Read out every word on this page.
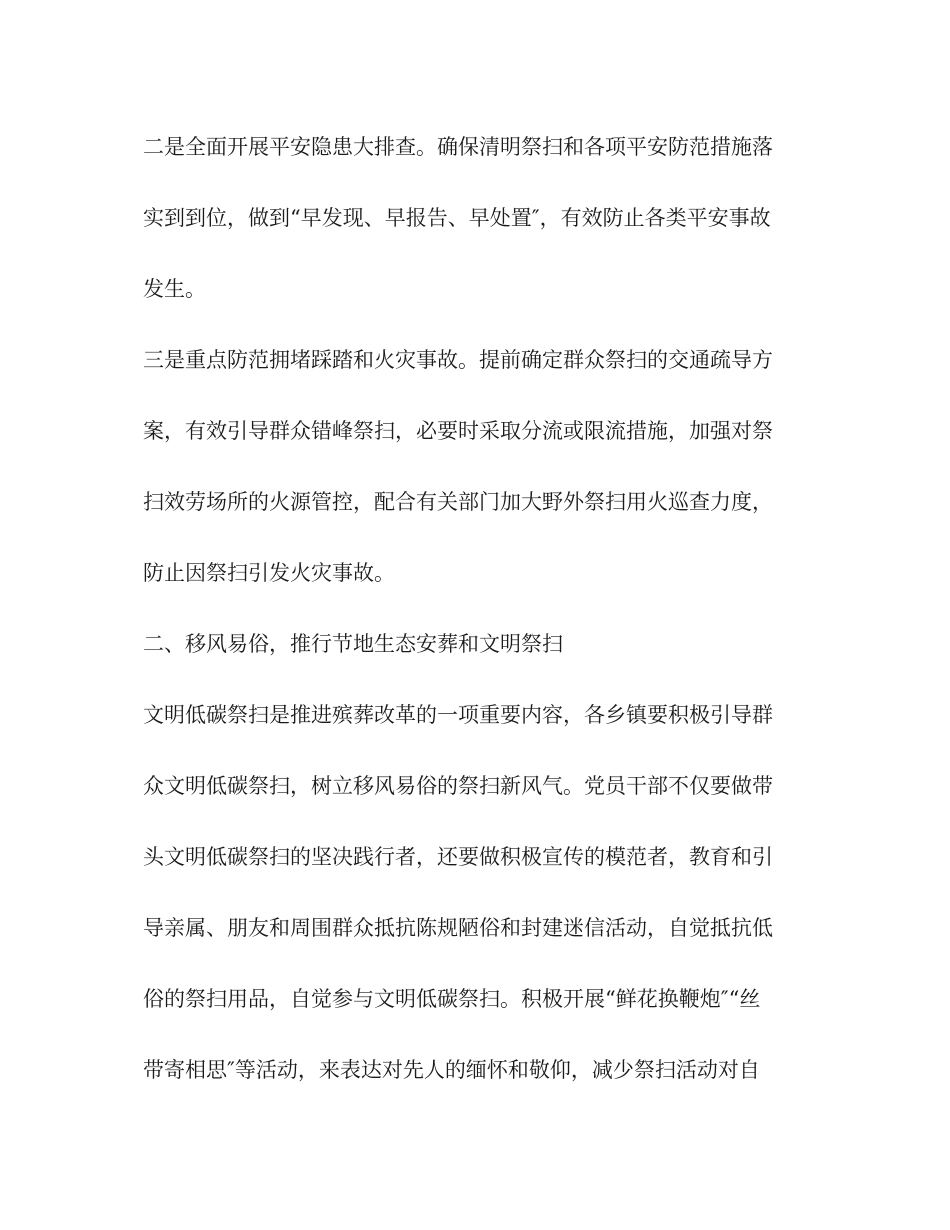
二是全面开展平安隐患大排查。确保清明祭扫和各项平安防范措施落
实到到位，做到“早发现、早报告、早处置″，有效防止各类平安事故
发生。
三是重点防范拥堵踩踏和火灾事故。提前确定群众祭扫的交通疏导方
案，有效引导群众错峰祭扫，必要时采取分流或限流措施，加强对祭
扫效劳场所的火源管控，配合有关部门加大野外祭扫用火巡查力度，
防止因祭扫引发火灾事故。
二、移风易俗，推行节地生态安葬和文明祭扫
文明低碳祭扫是推进殡葬改革的一项重要内容，各乡镇要积极引导群
众文明低碳祭扫，树立移风易俗的祭扫新风气。党员干部不仅要做带
头文明低碳祭扫的坚决践行者，还要做积极宣传的模范者，教育和引
导亲属、朋友和周围群众抵抗陈规陋俗和封建迷信活动，自觉抵抗低
俗的祭扫用品，自觉参与文明低碳祭扫。积极开展“鲜花换鞭炮″“丝
带寄相思″等活动，来表达对先人的缅怀和敬仰，减少祭扫活动对自
